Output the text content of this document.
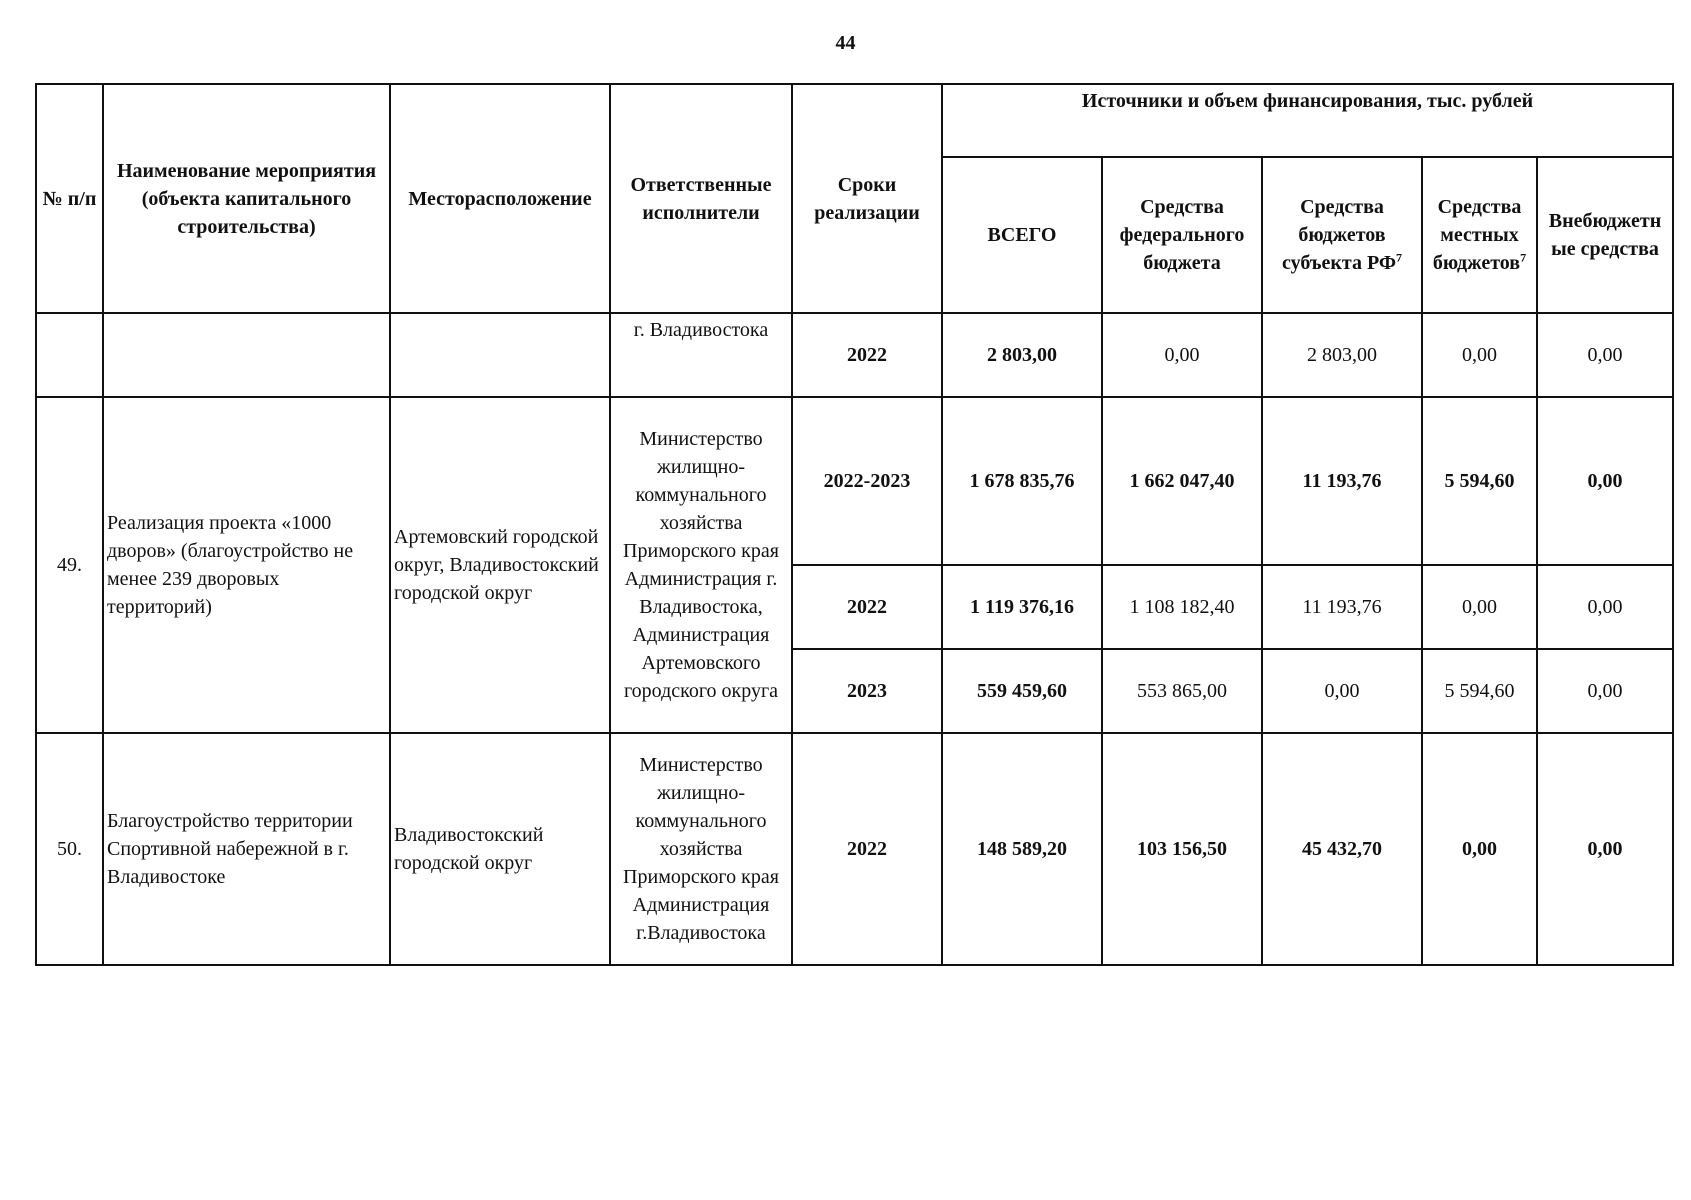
44
№ п/п	Наименование мероприятия (объекта капитального строительства)	Месторасположение	Ответственные исполнители	Сроки реализации	Источники и объем финансирования, тыс. рублей				
					ВСЕГО	Средства федерального бюджета	Средства бюджетов субъекта $РФ^7$	Средства местных бюджетов$^7$	Внебюджетн ые средства
			г. Владивостока	2022	2 803,00	0,00	2 803,00	0,00	0,00
49.	Реализация проекта «1000 дворов» (благоустройство не менее 239 дворовых территорий)	Артемовский городской округ, Владивостокский городской округ	Министерство жилищно-коммунального хозяйства Приморского края Администрация г. Владивостока, Администрация Артемовского городского округа	2022-2023	1 678 835,76	1 662 047,40	11 193,76	5 594,60	0,00
				2022	1 119 376,16	1 108 182,40	11 193,76	0,00	0,00
				2023	559 459,60	553 865,00	0,00	5 594,60	0,00
50.	Благоустройство территории Спортивной набережной в г. Владивостоке	Владивостокский городской округ	Министерство жилищно-коммунального хозяйства Приморского края Администрация г.Владивостока	2022	148 589,20	103 156,50	45 432,70	0,00	0,00
